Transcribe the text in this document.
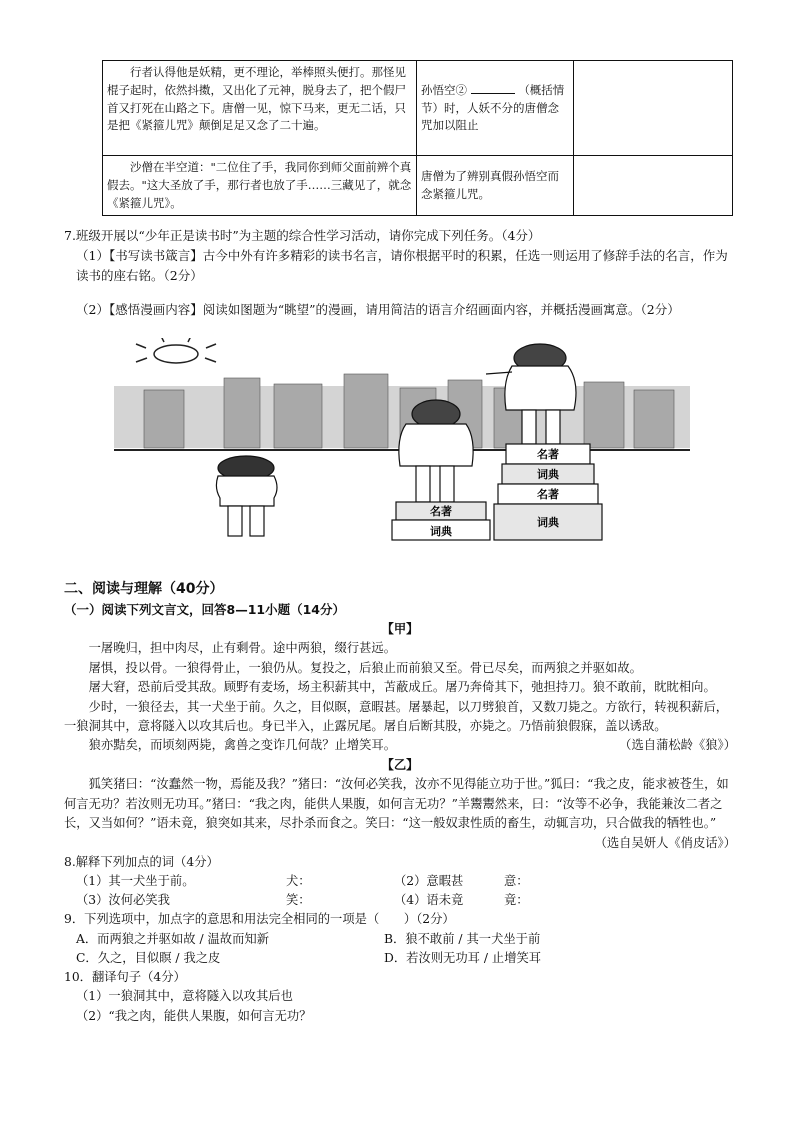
行者认得他是妖精，更不理论，举棒照头便打。那怪见棍子起时，依然抖擞，又出化了元神，脱身去了，把个假尸首又打死在山路之下。唐僧一见，惊下马来，更无二话，只是把《紧箍儿咒》颠倒足足又念了二十遍。	孙悟空② （概括情节）时，人妖不分的唐僧念咒加以阻止	
沙僧在半空道："二位住了手，我同你到师父面前辨个真假去。"这大圣放了手，那行者也放了手……三藏见了，就念《紧箍儿咒》。	唐僧为了辨别真假孙悟空而念紧箍儿咒。	
7.班级开展以“少年正是读书时”为主题的综合性学习活动，请你完成下列任务。（4分）
（1）【书写读书箴言】古今中外有许多精彩的读书名言，请你根据平时的积累，任选一则运用了修辞手法的名言，作为读书的座右铭。（2分）
（2）【感悟漫画内容】阅读如图题为“眺望”的漫画，请用简洁的语言介绍画面内容，并概括漫画寓意。（2分）
名著
词典
名著
词典
名著
词典
二、阅读与理解（40分）
（一）阅读下列文言文，回答8—11小题（14分）
【甲】
一屠晚归，担中肉尽，止有剩骨。途中两狼，缀行甚远。
屠惧，投以骨。一狼得骨止，一狼仍从。复投之，后狼止而前狼又至。骨已尽矣，而两狼之并驱如故。
屠大窘，恐前后受其敌。顾野有麦场，场主积薪其中，苫蔽成丘。屠乃奔倚其下，弛担持刀。狼不敢前，眈眈相向。
少时，一狼径去，其一犬坐于前。久之，目似瞑，意暇甚。屠暴起，以刀劈狼首，又数刀毙之。方欲行，转视积薪后，一狼洞其中，意将隧入以攻其后也。身已半入，止露尻尾。屠自后断其股，亦毙之。乃悟前狼假寐，盖以诱敌。
狼亦黠矣，而顷刻两毙，禽兽之变诈几何哉？止增笑耳。	（选自蒲松龄《狼》）
【乙】
狐笑猪曰：“汝蠢然一物，焉能及我？”猪曰：“汝何必笑我，汝亦不见得能立功于世。”狐曰：“我之皮，能求被苍生，如何言无功？若汝则无功耳。”猪曰：“我之肉，能供人果腹，如何言无功？”羊鬻鬻然来，曰：“汝等不必争，我能兼汝二者之长，又当如何？”语未竟，狼突如其来，尽扑杀而食之。笑曰：“这一般奴隶性质的畜生，动辄言功，只合做我的牺牲也。”
（选自吴妍人《俏皮话》）
8.解释下列加点的词（4分）
（1）其一犬坐于前。	犬：	（2）意暇甚	意：
（3）汝何必笑我	笑：	（4）语未竟	竟：
9．下列选项中，加点字的意思和用法完全相同的一项是（　　）（2分）
A．而两狼之并驱如故 / 温故而知新	B．狼不敢前 / 其一犬坐于前
C．久之，目似瞑 / 我之皮	D．若汝则无功耳 / 止增笑耳
10．翻译句子（4分）
（1）一狼洞其中，意将隧入以攻其后也
（2）“我之肉，能供人果腹，如何言无功？
